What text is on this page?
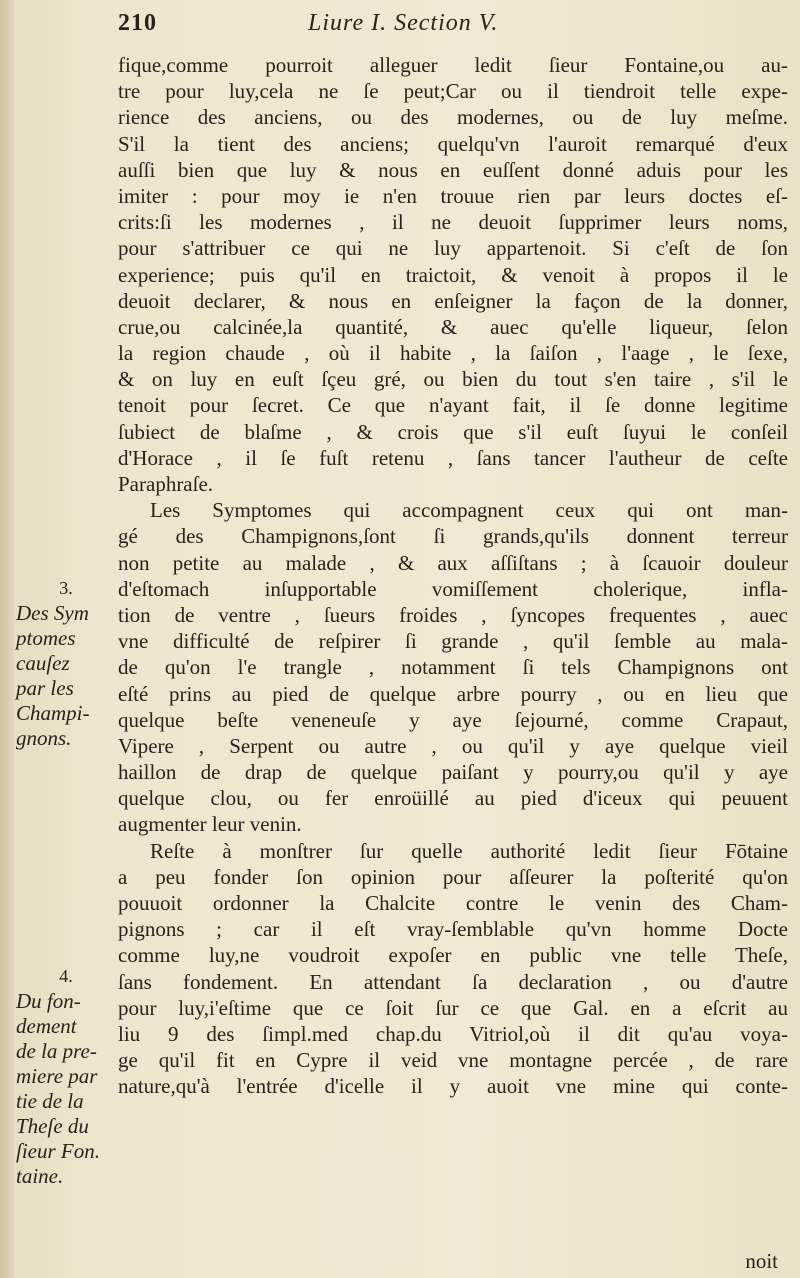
210	Liure I. Section V.
fique,comme pourroit alleguer ledit ſieur Fontaine,ou au-
tre pour luy,cela ne ſe peut;Car ou il tiendroit telle expe-
rience des anciens, ou des modernes, ou de luy meſme.
S'il la tient des anciens; quelqu'vn l'auroit remarqué d'eux
auſſi bien que luy & nous en euſſent donné aduis pour les
imiter : pour moy ie n'en trouue rien par leurs doctes eſ-
crits:ſi les modernes , il ne deuoit ſupprimer leurs noms,
pour s'attribuer ce qui ne luy appartenoit. Si c'eſt de ſon
experience; puis qu'il en traictoit, & venoit à propos il le
deuoit declarer, & nous en enſeigner la façon de la donner,
crue,ou calcinée,la quantité, & auec qu'elle liqueur, ſelon
la region chaude , où il habite , la ſaiſon , l'aage , le ſexe,
& on luy en euſt ſçeu gré, ou bien du tout s'en taire , s'il le
tenoit pour ſecret. Ce que n'ayant fait, il ſe donne legitime
ſubiect de blaſme , & crois que s'il euſt ſuyui le conſeil
d'Horace , il ſe fuſt retenu , ſans tancer l'autheur de ceſte
Paraphraſe.
Les Symptomes qui accompagnent ceux qui ont man-
gé des Champignons,ſont ſi grands,qu'ils donnent terreur
non petite au malade , & aux aſſiſtans ; à ſcauoir douleur
d'eſtomach inſupportable vomiſſement cholerique, infla-
tion de ventre , ſueurs froides , ſyncopes frequentes , auec
vne difficulté de reſpirer ſi grande , qu'il ſemble au mala-
de qu'on l'e trangle , notamment ſi tels Champignons ont
eſté prins au pied de quelque arbre pourry , ou en lieu que
quelque beſte veneneuſe y aye ſejourné, comme Crapaut,
Vipere , Serpent ou autre , ou qu'il y aye quelque vieil
haillon de drap de quelque paiſant y pourry,ou qu'il y aye
quelque clou, ou fer enroüillé au pied d'iceux qui peuuent
augmenter leur venin.
Reſte à monſtrer ſur quelle authorité ledit ſieur Fōtaine
a peu fonder ſon opinion pour aſſeurer la poſterité qu'on
pouuoit ordonner la Chalcite contre le venin des Cham-
pignons ; car il eſt vray-ſemblable qu'vn homme Docte
comme luy,ne voudroit expoſer en public vne telle Theſe,
ſans fondement. En attendant ſa declaration , ou d'autre
pour luy,i'eſtime que ce ſoit ſur ce que Gal. en a eſcrit au
liu 9 des ſimpl.med chap.du Vitriol,où il dit qu'au voya-
ge qu'il fit en Cypre il veid vne montagne percée , de rare
nature,qu'à l'entrée d'icelle il y auoit vne mine qui conte-
3.
Des Sym
ptomes
cauſez
par les
Champi-
gnons.
4.
Du fon-
dement
de la pre-
miere par
tie de la
Theſe du
ſieur Fon.
taine.
noit
